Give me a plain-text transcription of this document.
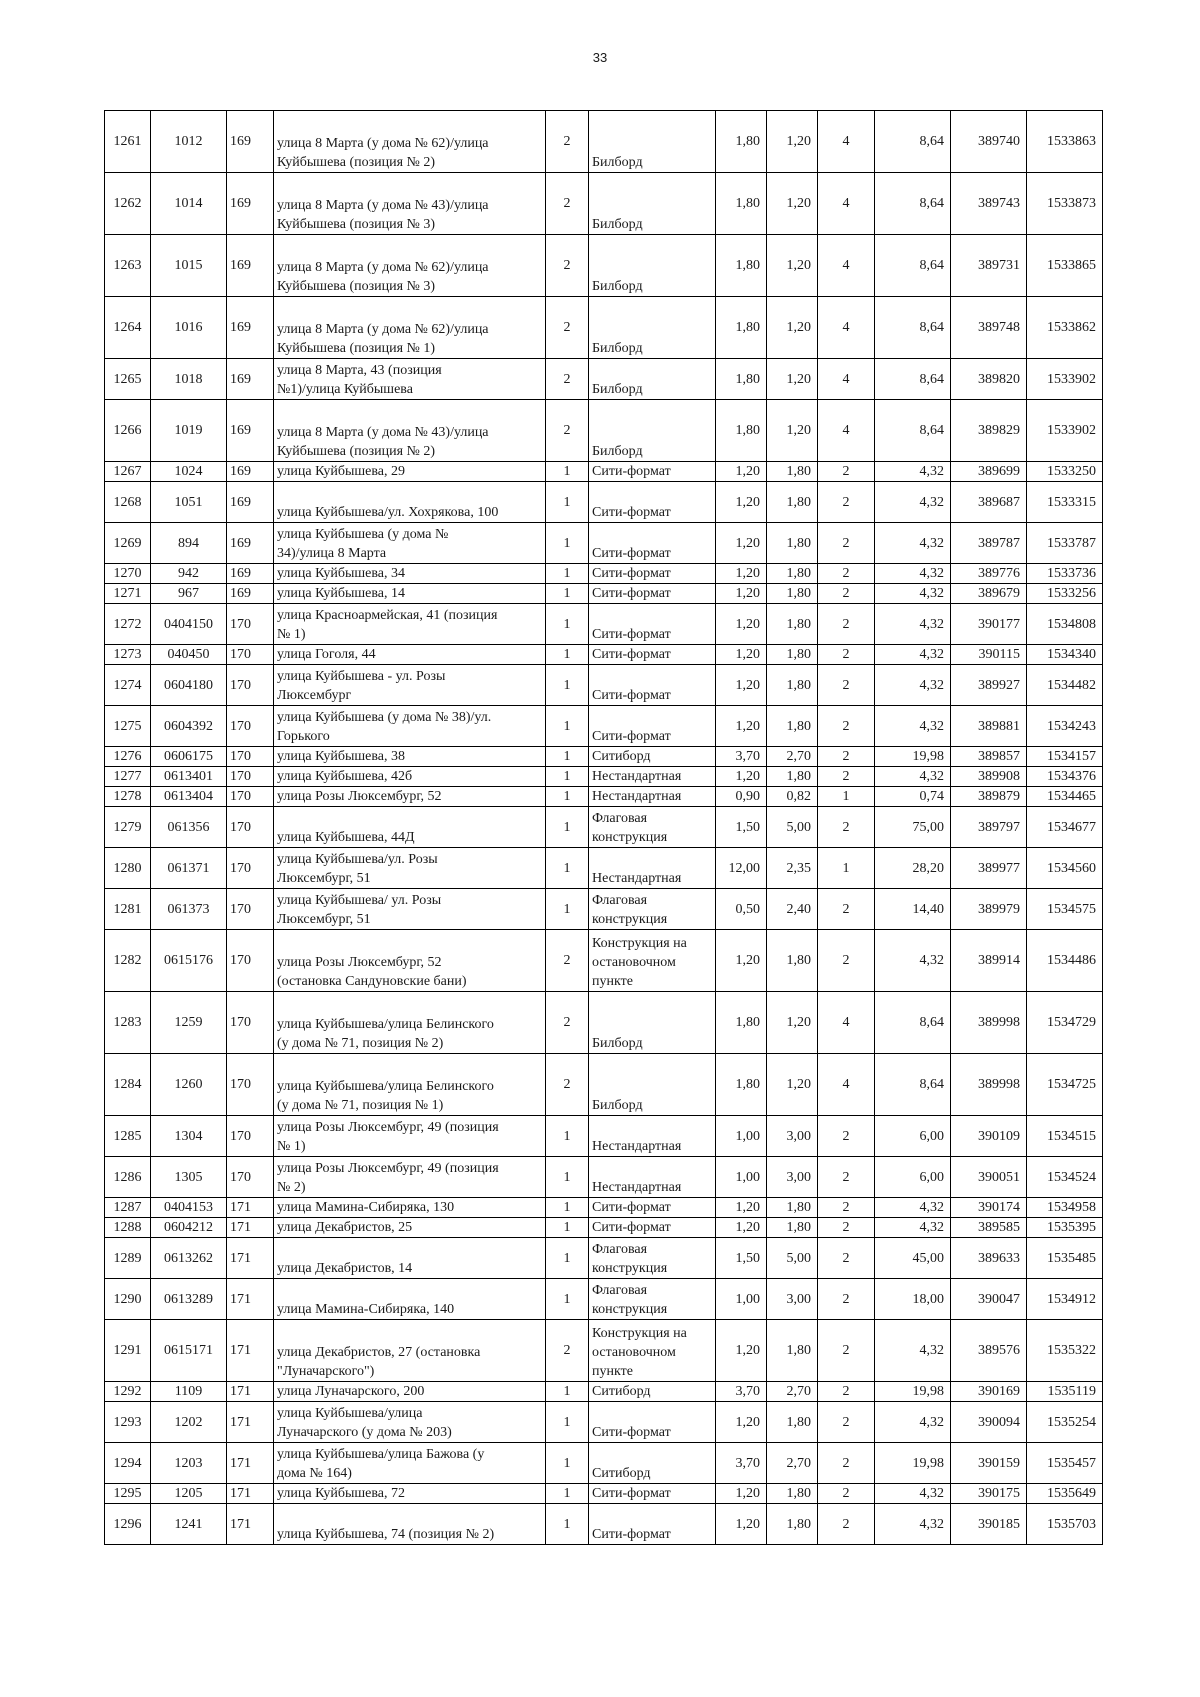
33
1261	1012	169	улица 8 Марта (у дома № 62)/улица
Куйбышева (позиция № 2)	2	Билборд	1,80	1,20	4	8,64	389740	1533863
1262	1014	169	улица 8 Марта (у дома № 43)/улица
Куйбышева (позиция № 3)	2	Билборд	1,80	1,20	4	8,64	389743	1533873
1263	1015	169	улица 8 Марта (у дома № 62)/улица
Куйбышева (позиция № 3)	2	Билборд	1,80	1,20	4	8,64	389731	1533865
1264	1016	169	улица 8 Марта (у дома № 62)/улица
Куйбышева (позиция № 1)	2	Билборд	1,80	1,20	4	8,64	389748	1533862
1265	1018	169	улица 8 Марта, 43 (позиция
№1)/улица Куйбышева	2	Билборд	1,80	1,20	4	8,64	389820	1533902
1266	1019	169	улица 8 Марта (у дома № 43)/улица
Куйбышева (позиция № 2)	2	Билборд	1,80	1,20	4	8,64	389829	1533902
1267	1024	169	улица Куйбышева, 29	1	Сити-формат	1,20	1,80	2	4,32	389699	1533250
1268	1051	169	улица Куйбышева/ул. Хохрякова, 100	1	Сити-формат	1,20	1,80	2	4,32	389687	1533315
1269	894	169	улица Куйбышева (у дома №
34)/улица 8 Марта	1	Сити-формат	1,20	1,80	2	4,32	389787	1533787
1270	942	169	улица Куйбышева, 34	1	Сити-формат	1,20	1,80	2	4,32	389776	1533736
1271	967	169	улица Куйбышева, 14	1	Сити-формат	1,20	1,80	2	4,32	389679	1533256
1272	0404150	170	улица Красноармейская, 41 (позиция
№ 1)	1	Сити-формат	1,20	1,80	2	4,32	390177	1534808
1273	040450	170	улица Гоголя, 44	1	Сити-формат	1,20	1,80	2	4,32	390115	1534340
1274	0604180	170	улица Куйбышева - ул. Розы
Люксембург	1	Сити-формат	1,20	1,80	2	4,32	389927	1534482
1275	0604392	170	улица Куйбышева (у дома № 38)/ул.
Горького	1	Сити-формат	1,20	1,80	2	4,32	389881	1534243
1276	0606175	170	улица Куйбышева, 38	1	Ситиборд	3,70	2,70	2	19,98	389857	1534157
1277	0613401	170	улица Куйбышева, 42б	1	Нестандартная	1,20	1,80	2	4,32	389908	1534376
1278	0613404	170	улица Розы Люксембург, 52	1	Нестандартная	0,90	0,82	1	0,74	389879	1534465
1279	061356	170	улица Куйбышева, 44Д	1	Флаговая
конструкция	1,50	5,00	2	75,00	389797	1534677
1280	061371	170	улица Куйбышева/ул. Розы
Люксембург, 51	1	Нестандартная	12,00	2,35	1	28,20	389977	1534560
1281	061373	170	улица Куйбышева/ ул. Розы
Люксембург, 51	1	Флаговая
конструкция	0,50	2,40	2	14,40	389979	1534575
1282	0615176	170	улица Розы Люксембург, 52
(остановка Сандуновские бани)	2	Конструкция на
остановочном
пункте	1,20	1,80	2	4,32	389914	1534486
1283	1259	170	улица Куйбышева/улица Белинского
(у дома № 71, позиция № 2)	2	Билборд	1,80	1,20	4	8,64	389998	1534729
1284	1260	170	улица Куйбышева/улица Белинского
(у дома № 71, позиция № 1)	2	Билборд	1,80	1,20	4	8,64	389998	1534725
1285	1304	170	улица Розы Люксембург, 49 (позиция
№ 1)	1	Нестандартная	1,00	3,00	2	6,00	390109	1534515
1286	1305	170	улица Розы Люксембург, 49 (позиция
№ 2)	1	Нестандартная	1,00	3,00	2	6,00	390051	1534524
1287	0404153	171	улица Мамина-Сибиряка, 130	1	Сити-формат	1,20	1,80	2	4,32	390174	1534958
1288	0604212	171	улица Декабристов, 25	1	Сити-формат	1,20	1,80	2	4,32	389585	1535395
1289	0613262	171	улица Декабристов, 14	1	Флаговая
конструкция	1,50	5,00	2	45,00	389633	1535485
1290	0613289	171	улица Мамина-Сибиряка, 140	1	Флаговая
конструкция	1,00	3,00	2	18,00	390047	1534912
1291	0615171	171	улица Декабристов, 27 (остановка
"Луначарского")	2	Конструкция на
остановочном
пункте	1,20	1,80	2	4,32	389576	1535322
1292	1109	171	улица Луначарского, 200	1	Ситиборд	3,70	2,70	2	19,98	390169	1535119
1293	1202	171	улица Куйбышева/улица
Луначарского (у дома № 203)	1	Сити-формат	1,20	1,80	2	4,32	390094	1535254
1294	1203	171	улица Куйбышева/улица Бажова (у
дома № 164)	1	Ситиборд	3,70	2,70	2	19,98	390159	1535457
1295	1205	171	улица Куйбышева, 72	1	Сити-формат	1,20	1,80	2	4,32	390175	1535649
1296	1241	171	улица Куйбышева, 74 (позиция № 2)	1	Сити-формат	1,20	1,80	2	4,32	390185	1535703
